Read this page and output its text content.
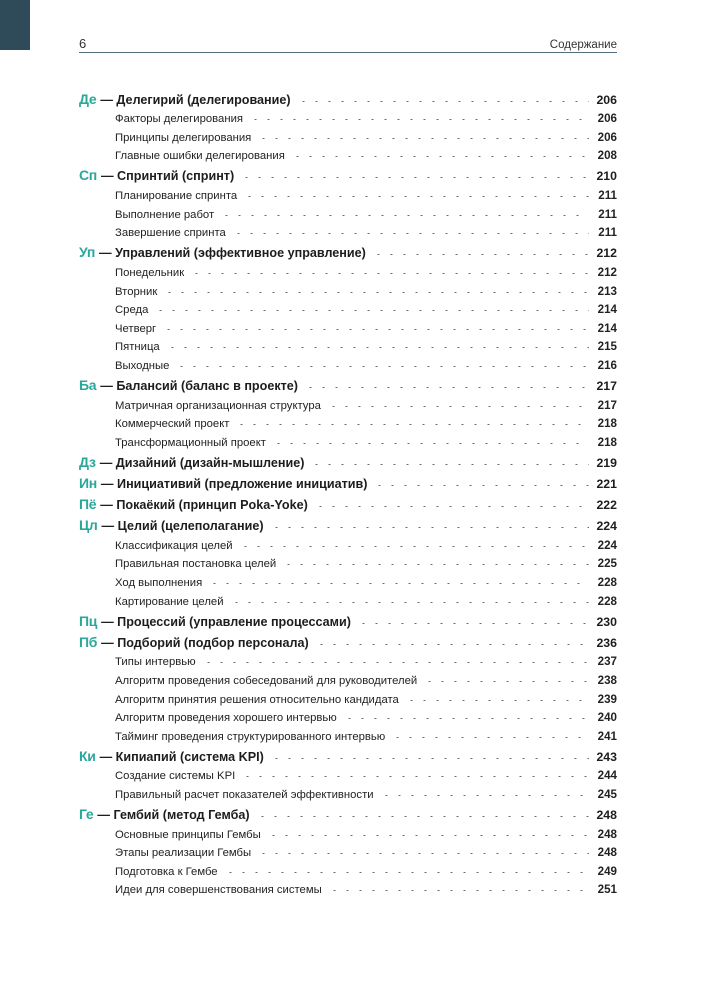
6	Содержание
Де — Делегирий (делегирование)	206
Факторы делегирования	206
Принципы делегирования	206
Главные ошибки делегирования	208
Сп — Спринтий (спринт)	210
Планирование спринта	211
Выполнение работ	211
Завершение спринта	211
Уп — Управлений (эффективное управление)	212
Понедельник	212
Вторник	213
Среда	214
Четверг	214
Пятница	215
Выходные	216
Ба — Балансий (баланс в проекте)	217
Матричная организационная структура	217
Коммерческий проект	218
Трансформационный проект	218
Дз — Дизайний (дизайн-мышление)	219
Ин — Инициативий (предложение инициатив)	221
Пё — Покаёкий (принцип Poka-Yoke)	222
Цл — Целий (целеполагание)	224
Классификация целей	224
Правильная постановка целей	225
Ход выполнения	228
Картирование целей	228
Пц — Процессий (управление процессами)	230
Пб — Подборий (подбор персонала)	236
Типы интервью	237
Алгоритм проведения собеседований для руководителей	238
Алгоритм принятия решения относительно кандидата	239
Алгоритм проведения хорошего интервью	240
Тайминг проведения структурированного интервью	241
Ки — Кипиапий (система KPI)	243
Создание системы KPI	244
Правильный расчет показателей эффективности	245
Ге — Гембий (метод Гемба)	248
Основные принципы Гембы	248
Этапы реализации Гембы	248
Подготовка к Гембе	249
Идеи для совершенствования системы	251
